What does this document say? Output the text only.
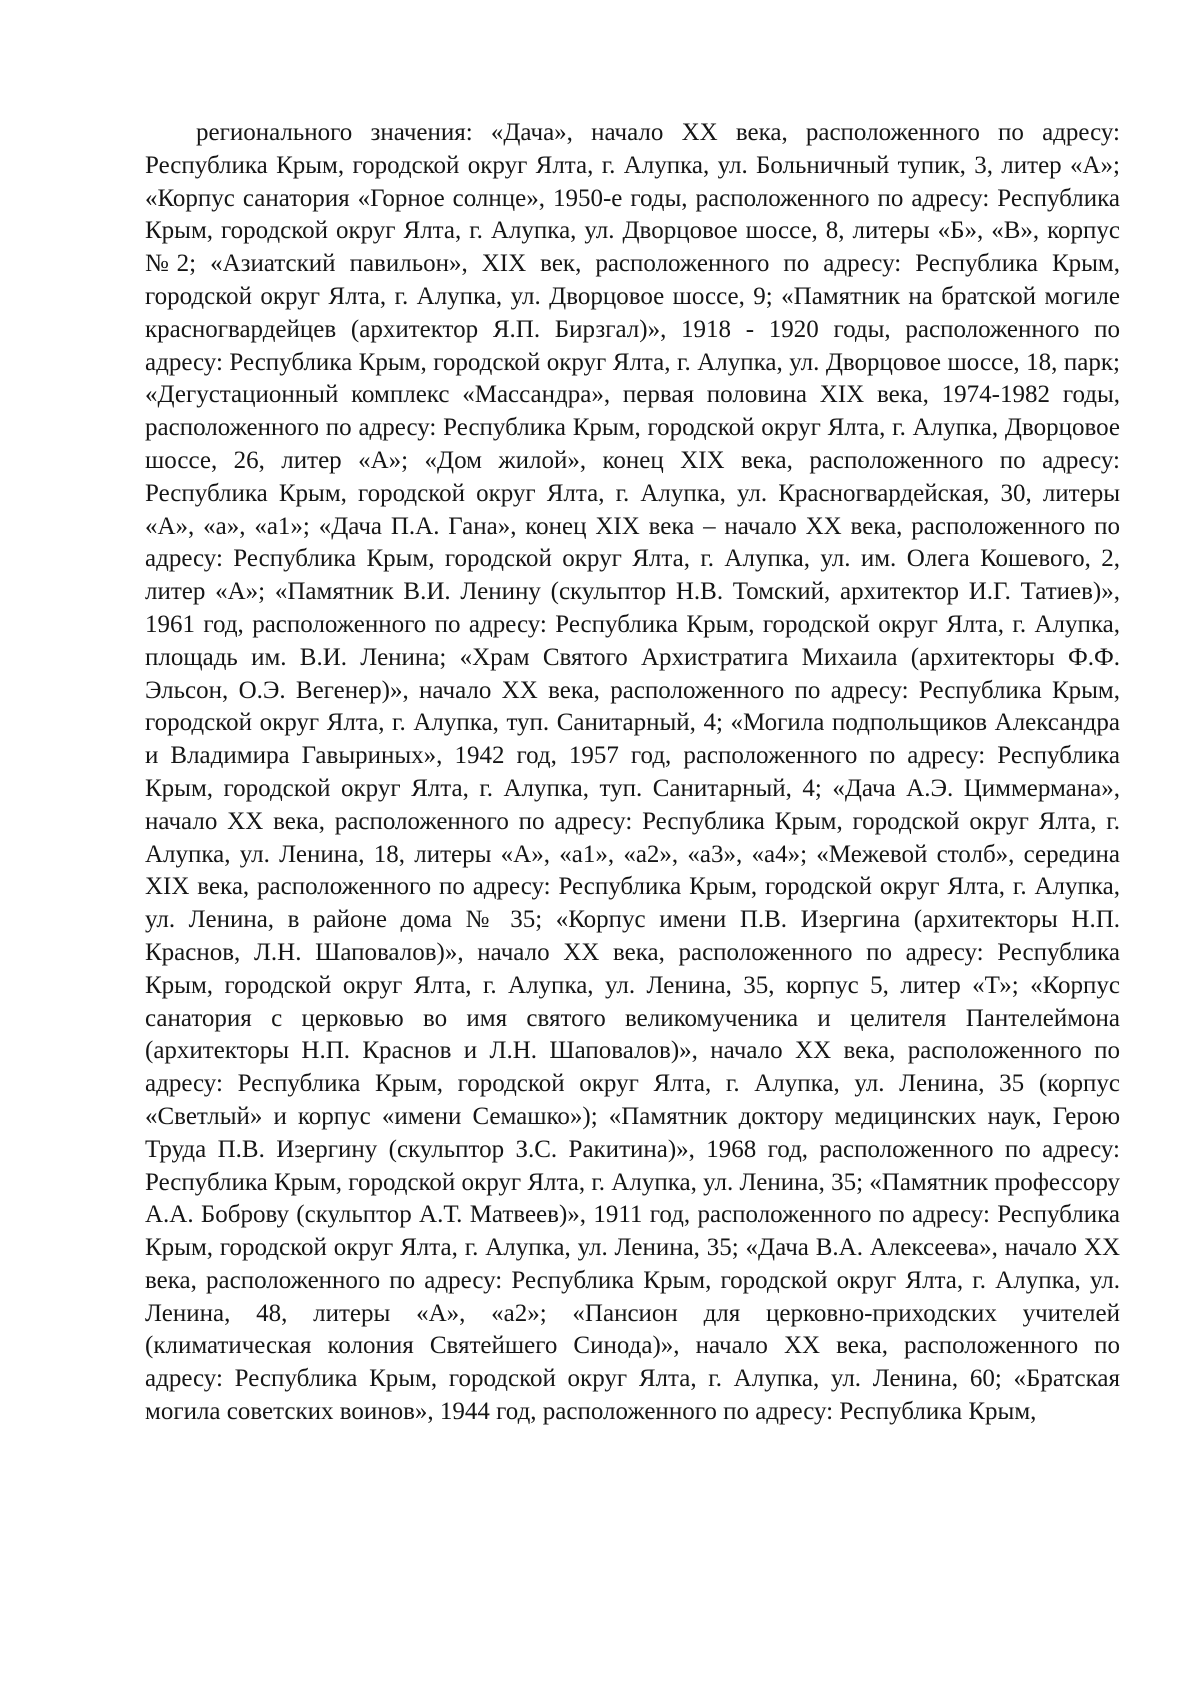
регионального значения: «Дача», начало XX века, расположенного по адресу: Республика Крым, городской округ Ялта, г. Алупка, ул. Больничный тупик, 3, литер «А»; «Корпус санатория «Горное солнце», 1950-е годы, расположенного по адресу: Республика Крым, городской округ Ялта, г. Алупка, ул. Дворцовое шоссе, 8, литеры «Б», «В», корпус №2; «Азиатский павильон», XIX век, расположенного по адресу: Республика Крым, городской округ Ялта, г. Алупка, ул. Дворцовое шоссе, 9; «Памятник на братской могиле красногвардейцев (архитектор Я.П. Бирзгал)», 1918 - 1920 годы, расположенного по адресу: Республика Крым, городской округ Ялта, г. Алупка, ул. Дворцовое шоссе, 18, парк; «Дегустационный комплекс «Массандра», первая половина XIX века, 1974-1982 годы, расположенного по адресу: Республика Крым, городской округ Ялта, г. Алупка, Дворцовое шоссе, 26, литер «А»; «Дом жилой», конец XIX века, расположенного по адресу: Республика Крым, городской округ Ялта, г. Алупка, ул. Красногвардейская, 30, литеры «А», «а», «а1»; «Дача П.А. Гана», конец XIX века – начало XX века, расположенного по адресу: Республика Крым, городской округ Ялта, г. Алупка, ул. им. Олега Кошевого, 2, литер «А»; «Памятник В.И. Ленину (скульптор Н.В. Томский, архитектор И.Г. Татиев)», 1961 год, расположенного по адресу: Республика Крым, городской округ Ялта, г. Алупка, площадь им. В.И. Ленина; «Храм Святого Архистратига Михаила (архитекторы Ф.Ф. Эльсон, О.Э. Вегенер)», начало XX века, расположенного по адресу: Республика Крым, городской округ Ялта, г. Алупка, туп. Санитарный, 4; «Могила подпольщиков Александра и Владимира Гавыриных», 1942 год, 1957 год, расположенного по адресу: Республика Крым, городской округ Ялта, г. Алупка, туп. Санитарный, 4; «Дача А.Э. Циммермана», начало XX века, расположенного по адресу: Республика Крым, городской округ Ялта, г. Алупка, ул. Ленина, 18, литеры «А», «а1», «а2», «а3», «а4»; «Межевой столб», середина XIX века, расположенного по адресу: Республика Крым, городской округ Ялта, г. Алупка, ул. Ленина, в районе дома № 35; «Корпус имени П.В. Изергина (архитекторы Н.П. Краснов, Л.Н. Шаповалов)», начало XX века, расположенного по адресу: Республика Крым, городской округ Ялта, г. Алупка, ул. Ленина, 35, корпус 5, литер «Т»; «Корпус санатория с церковью во имя святого великомученика и целителя Пантелеймона (архитекторы Н.П. Краснов и Л.Н. Шаповалов)», начало XX века, расположенного по адресу: Республика Крым, городской округ Ялта, г. Алупка, ул. Ленина, 35 (корпус «Светлый» и корпус «имени Семашко»); «Памятник доктору медицинских наук, Герою Труда П.В. Изергину (скульптор З.С. Ракитина)», 1968 год, расположенного по адресу: Республика Крым, городской округ Ялта, г. Алупка, ул. Ленина, 35; «Памятник профессору А.А. Боброву (скульптор А.Т. Матвеев)», 1911 год, расположенного по адресу: Республика Крым, городской округ Ялта, г. Алупка, ул. Ленина, 35; «Дача В.А. Алексеева», начало XX века, расположенного по адресу: Республика Крым, городской округ Ялта, г. Алупка, ул. Ленина, 48, литеры «А», «а2»; «Пансион для церковно-приходских учителей (климатическая колония Святейшего Синода)», начало XX века, расположенного по адресу: Республика Крым, городской округ Ялта, г. Алупка, ул. Ленина, 60; «Братская могила советских воинов», 1944 год, расположенного по адресу: Республика Крым,
